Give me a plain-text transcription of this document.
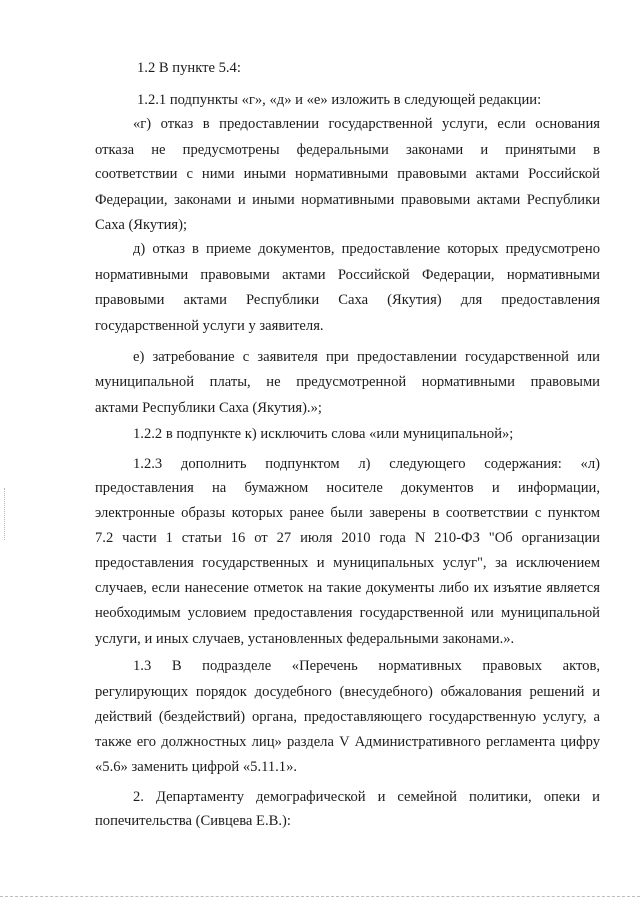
1.2 В пункте 5.4:
1.2.1 подпункты «г», «д» и «е» изложить в следующей редакции:
«г) отказ в предоставлении государственной услуги, если основания
отказа не предусмотрены федеральными законами и принятыми в
соответствии с ними иными нормативными правовыми актами Российской
Федерации, законами и иными нормативными правовыми актами Республики
Саха (Якутия);
д) отказ в приеме документов, предоставление которых предусмотрено
нормативными правовыми актами Российской Федерации, нормативными
правовыми актами Республики Саха (Якутия) для предоставления
государственной услуги у заявителя.
е) затребование с заявителя при предоставлении государственной или
муниципальной платы, не предусмотренной нормативными правовыми
актами Республики Саха (Якутия).»;
1.2.2 в подпункте к) исключить слова «или муниципальной»;
1.2.3 дополнить подпунктом л) следующего содержания: «л)
предоставления на бумажном носителе документов и информации,
электронные образы которых ранее были заверены в соответствии с пунктом
7.2 части 1 статьи 16 от 27 июля 2010 года N 210-ФЗ "Об организации
предоставления государственных и муниципальных услуг", за исключением
случаев, если нанесение отметок на такие документы либо их изъятие является
необходимым условием предоставления государственной или муниципальной
услуги, и иных случаев, установленных федеральными законами.».
1.3 В подразделе «Перечень нормативных правовых актов,
регулирующих порядок досудебного (внесудебного) обжалования решений и
действий (бездействий) органа, предоставляющего государственную услугу, а
также его должностных лиц» раздела V Административного регламента цифру
«5.6» заменить цифрой «5.11.1».
2. Департаменту демографической и семейной политики, опеки и
попечительства (Сивцева Е.В.):
